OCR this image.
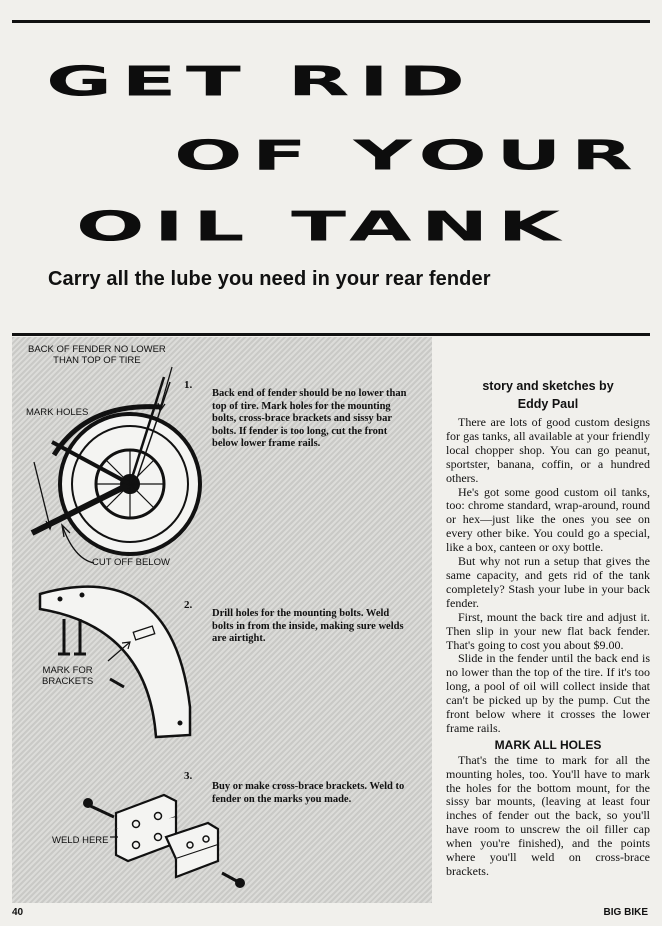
GET RID
OF YOUR
OIL TANK
Carry all the lube you need in your rear fender
BACK OF FENDER NO LOWER
THAN TOP OF TIRE
MARK HOLES
CUT OFF BELOW
MARK FOR
BRACKETS
WELD HERE
1.

Back end of fender should be no lower than top of tire. Mark holes for the mounting bolts, cross-brace brackets and sissy bar bolts. If fender is too long, cut the front below lower frame rails.

2.

Drill holes for the mounting bolts. Weld bolts in from the inside, making sure welds are airtight.

3.

Buy or make cross-brace brackets. Weld to fender on the marks you made.

story and sketches by
Eddy Paul

There are lots of good custom designs for gas tanks, all available at your friendly local chopper shop. You can go peanut, sportster, banana, coffin, or a hundred others.

He's got some good custom oil tanks, too: chrome standard, wrap-around, round or hex—just like the ones you see on every other bike. You could go a special, like a box, canteen or oxy bottle.

But why not run a setup that gives the same capacity, and gets rid of the tank completely? Stash your lube in your back fender.

First, mount the back tire and adjust it. Then slip in your new flat back fender. That's going to cost you about $9.00.

Slide in the fender until the back end is no lower than the top of the tire. If it's too long, a pool of oil will collect inside that can't be picked up by the pump. Cut the front below where it crosses the lower frame rails.

MARK ALL HOLES

That's the time to mark for all the mounting holes, too. You'll have to mark the holes for the bottom mount, for the sissy bar mounts, (leaving at least four inches of fender out the back, so you'll have room to unscrew the oil filler cap when you're finished), and the points where you'll weld on cross-brace brackets.

40	BIG BIKE
